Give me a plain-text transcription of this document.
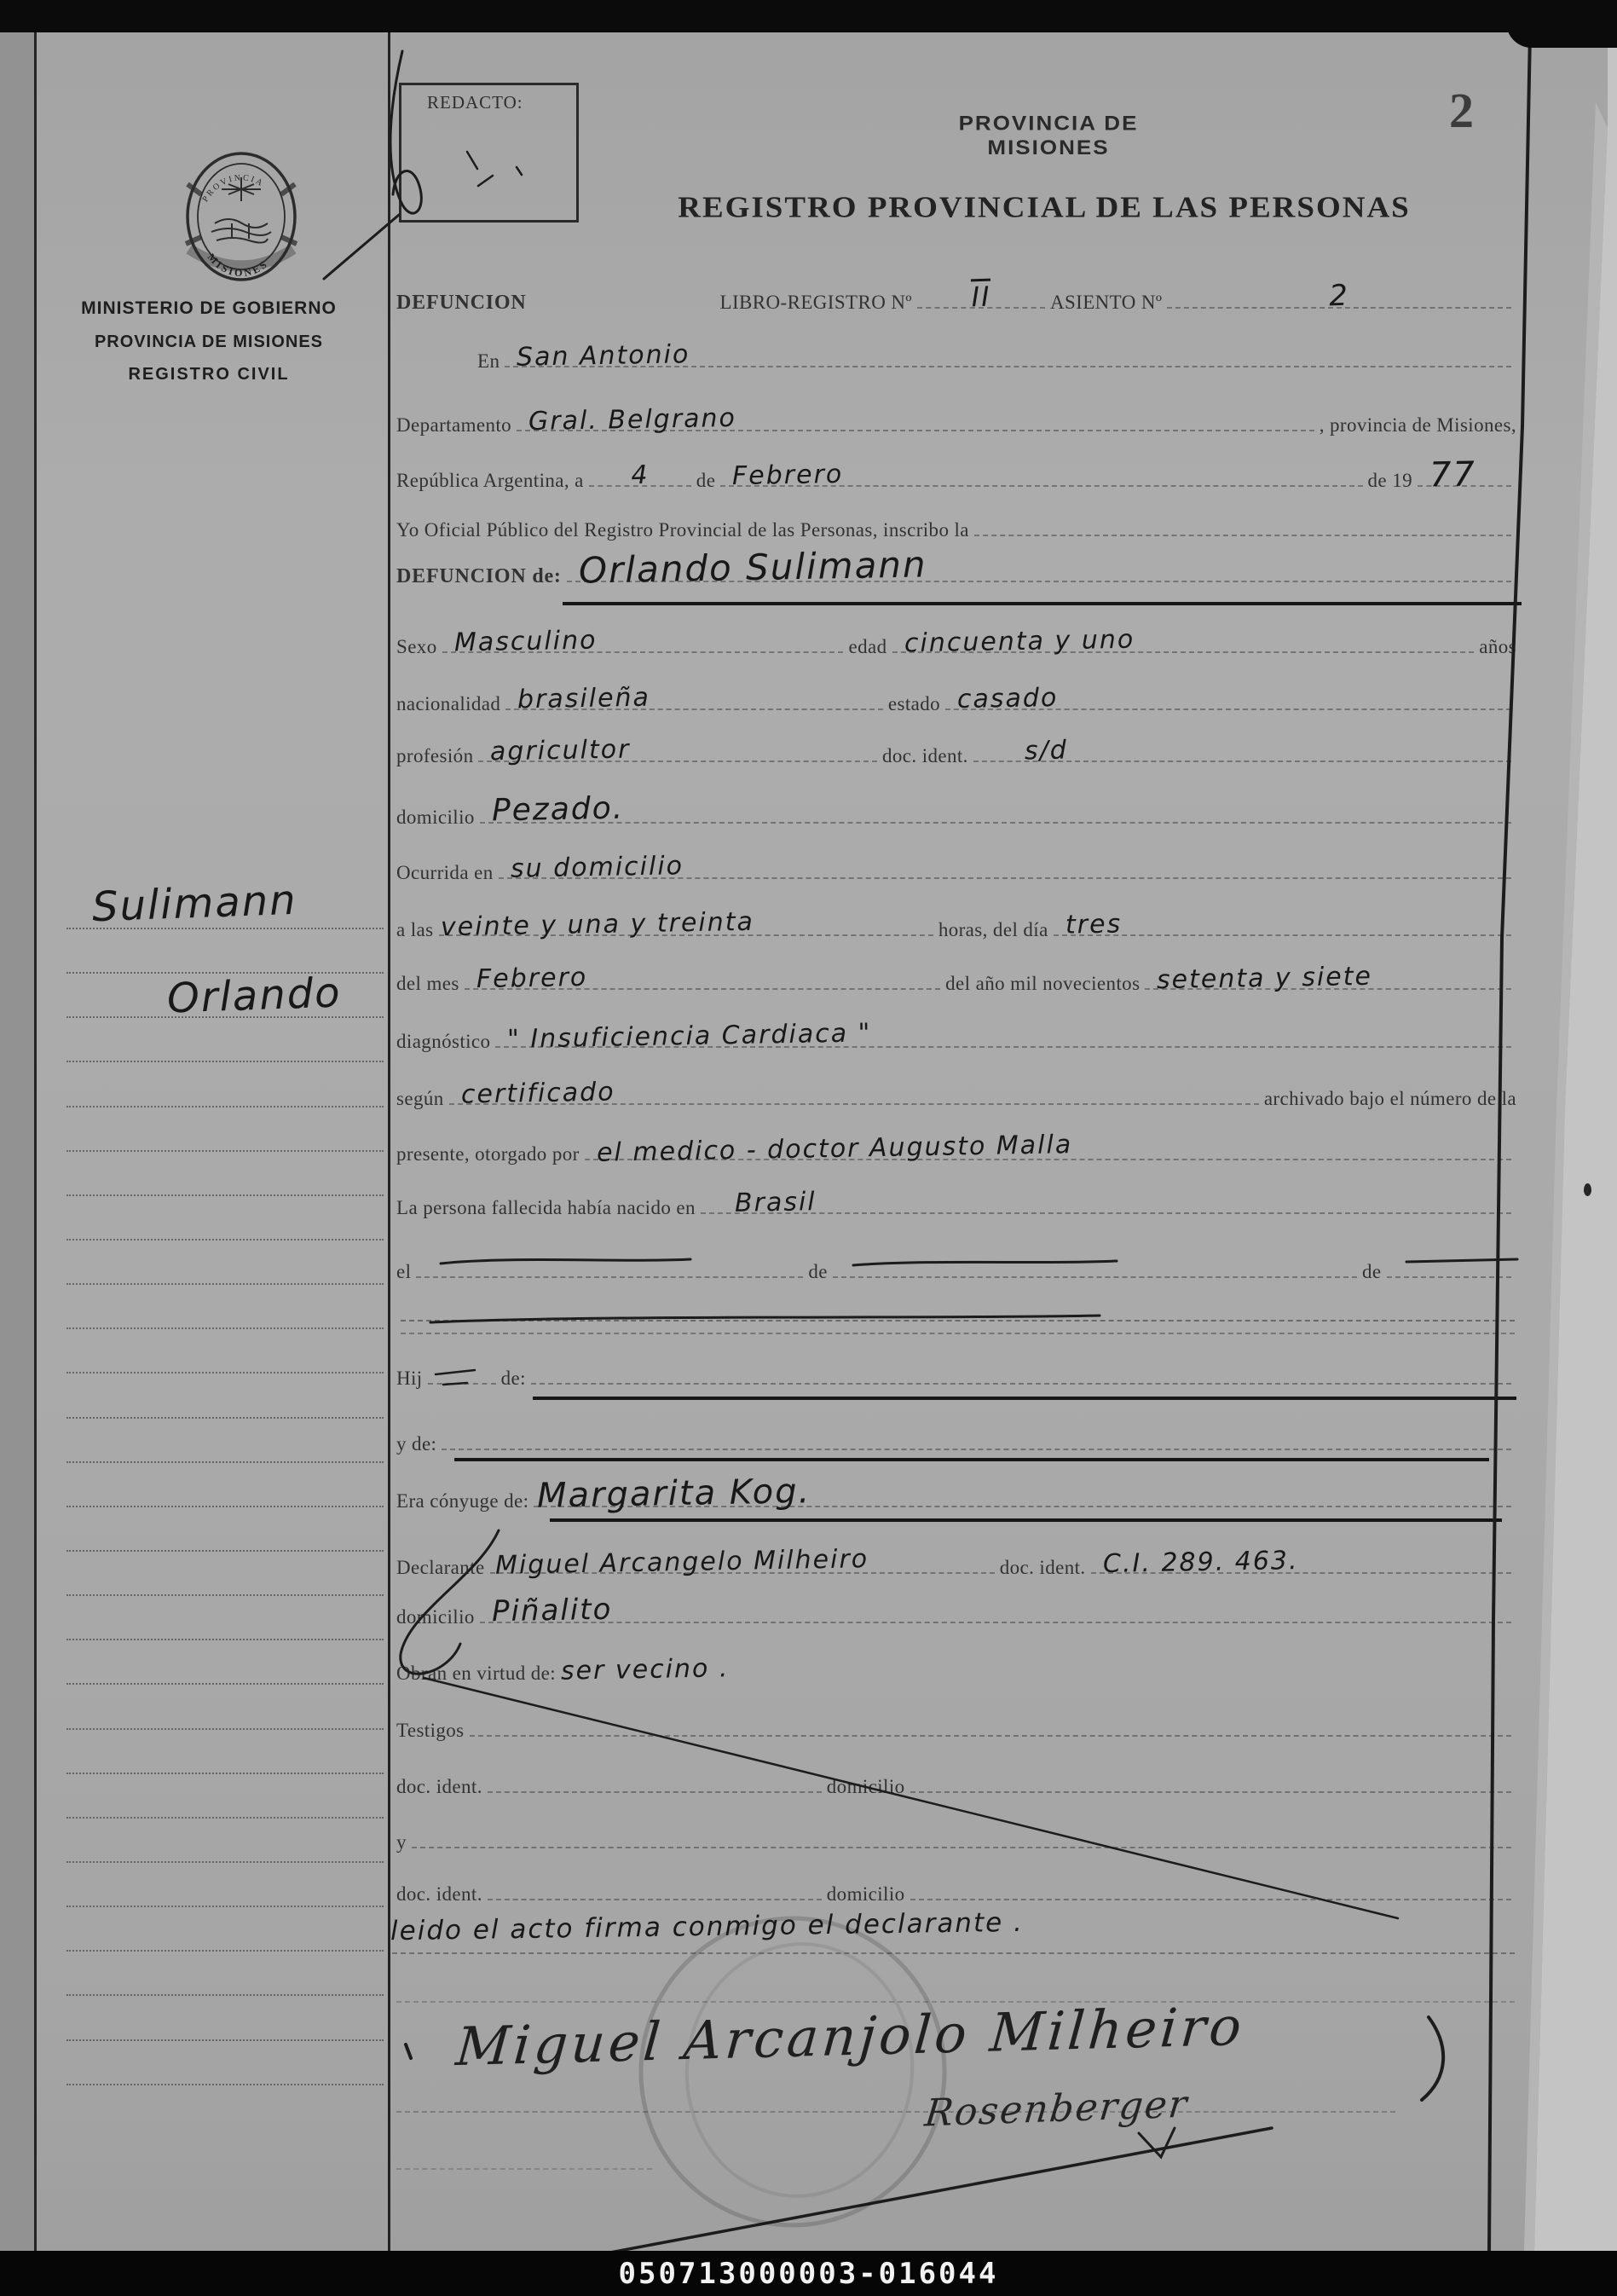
2
PROVINCIA DE MISIONES
REGISTRO PROVINCIAL DE LAS PERSONAS
REDACTO:
PROVINCIA
MISIONES
MINISTERIO DE GOBIERNO
PROVINCIA DE MISIONES
REGISTRO CIVIL
Sulimann
Orlando
DEFUNCION	LIBRO-REGISTRO Nº II	ASIENTO Nº	2
En San Antonio
Departamento Gral. Belgrano	, provincia de Misiones,
República Argentina, a 4 de Febrero	de 19 77
Yo Oficial Público del Registro Provincial de las Personas, inscribo la
DEFUNCION de: Orlando Sulimann
Sexo Masculino	edad cincuenta y uno	años
nacionalidad brasileña	estado casado
profesión agricultor	doc. ident. s/d
domicilio Pezado.
Ocurrida en su domicilio
a las veinte y una y treinta	horas, del día tres
del mes Febrero	del año mil novecientos setenta y siete
diagnóstico " Insuficiencia Cardiaca "
según certificado	archivado bajo el número de la
presente, otorgado por el medico - doctor Augusto Malla
La persona fallecida había nacido en Brasil
el	de	de
Hij	de:
y de:
Era cónyuge de: Margarita Kog.
Declarante Miguel Arcangelo Milheiro	doc. ident. C.I. 289. 463.
domicilio Piñalito
Obran en virtud de: ser vecino .
Testigos
doc. ident.	domicilio
y
doc. ident.	domicilio
leido el acto firma conmigo el declarante .
Miguel Arcanjolo Milheiro
Rosenberger
050713000003-016044
